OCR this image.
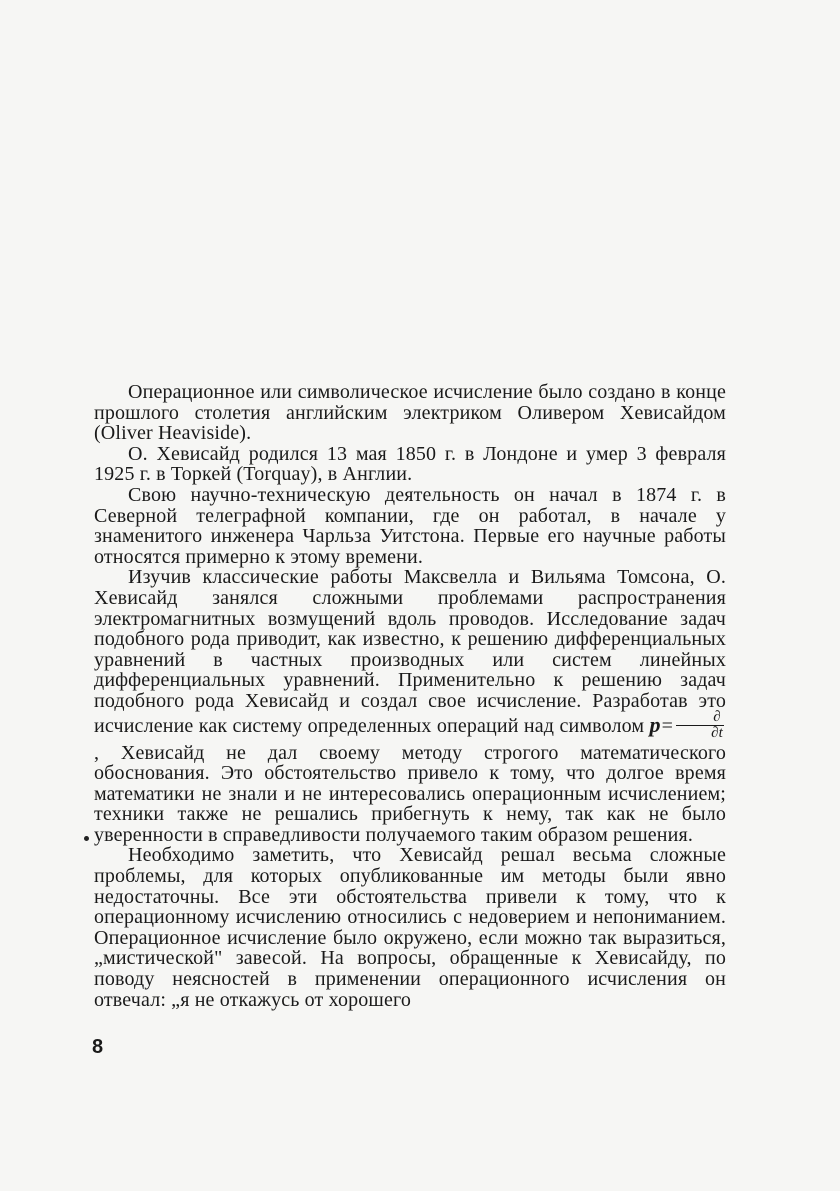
Операционное или символическое исчисление было создано в конце прошлого столетия английским электриком Оливером Хевисайдом (Oliver Heaviside).

О. Хевисайд родился 13 мая 1850 г. в Лондоне и умер 3 февраля 1925 г. в Торкей (Torquay), в Англии.

Свою научно-техническую деятельность он начал в 1874 г. в Северной телеграфной компании, где он работал, в начале у знаменитого инженера Чарльза Уитстона. Первые его научные работы относятся примерно к этому времени.

Изучив классические работы Максвелла и Вильяма Томсона, О. Хевисайд занялся сложными проблемами распространения электромагнитных возмущений вдоль проводов. Исследование задач подобного рода приводит, как известно, к решению дифференциальных уравнений в частных производных или систем линейных дифференциальных уравнений. Применительно к решению задач подобного рода Хевисайд и создал свое исчисление. Разработав это исчисление как систему определенных операций над символом $p= \frac{\partial}{\partial t}$
, Хевисайд не дал своему методу строгого математического обоснования. Это обстоятельство привело к тому, что долгое время математики не знали и не интересовались операционным исчислением; техники также не решались прибегнуть к нему, так как не было уверенности в справедливости получаемого таким образом решения.

Необходимо заметить, что Хевисайд решал весьма сложные проблемы, для которых опубликованные им методы были явно недостаточны. Все эти обстоятельства привели к тому, что к операционному исчислению относились с недоверием и непониманием. Операционное исчисление было окружено, если можно так выразиться, „мистической" завесой. На вопросы, обращенные к Хевисайду, по поводу неясностей в применении операционного исчисления он отвечал: „я не откажусь от хорошего

8
